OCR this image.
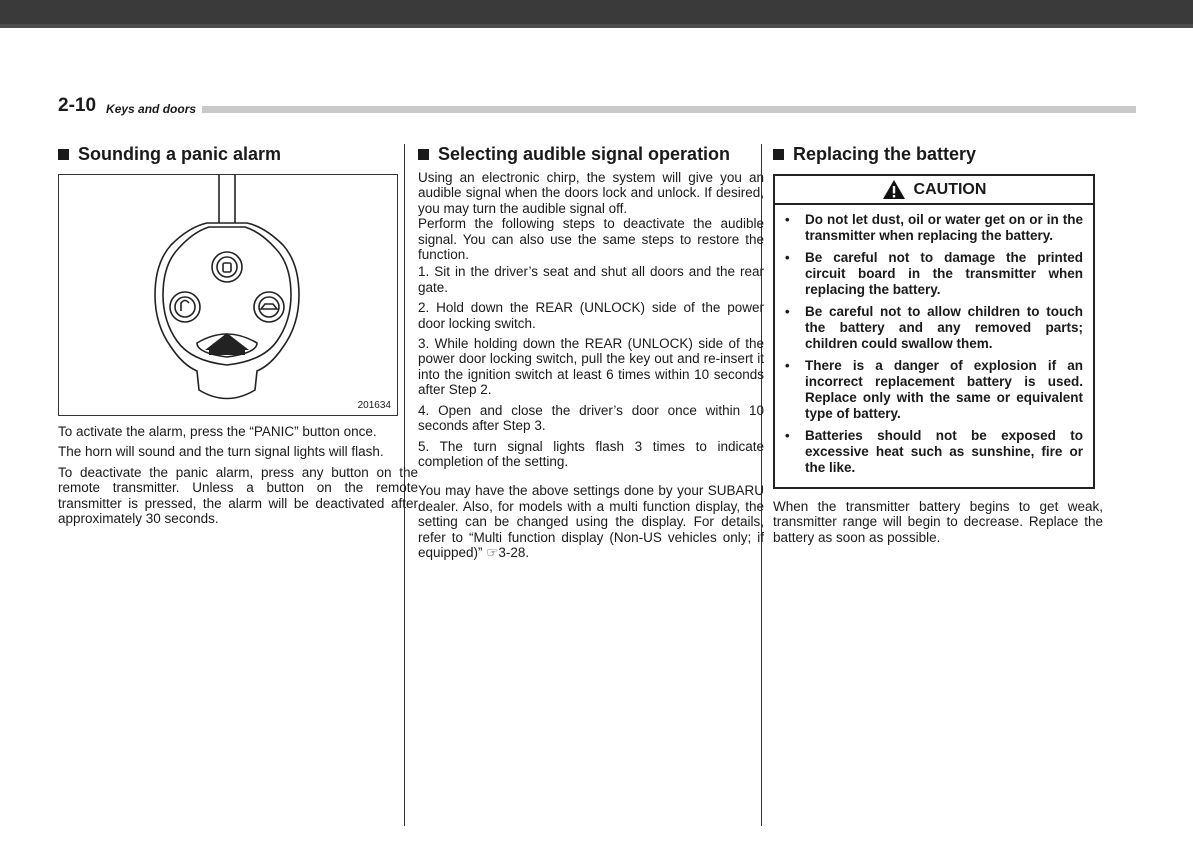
2-10 Keys and doors
Sounding a panic alarm
201634

To activate the alarm, press the “PANIC” button once.

The horn will sound and the turn signal lights will flash.

To deactivate the panic alarm, press any button on the remote transmitter. Unless a button on the remote transmitter is pressed, the alarm will be deactivated after approximately 30 seconds.

Selecting audible signal operation

Using an electronic chirp, the system will give you an audible signal when the doors lock and unlock. If desired, you may turn the audible signal off.

Perform the following steps to deactivate the audible signal. You can also use the same steps to restore the function.

1. Sit in the driver’s seat and shut all doors and the rear gate.

2. Hold down the REAR (UNLOCK) side of the power door locking switch.

3. While holding down the REAR (UNLOCK) side of the power door locking switch, pull the key out and re-insert it into the ignition switch at least 6 times within 10 seconds after Step 2.

4. Open and close the driver’s door once within 10 seconds after Step 3.

5. The turn signal lights flash 3 times to indicate completion of the setting.

You may have the above settings done by your SUBARU dealer. Also, for models with a multi function display, the setting can be changed using the display. For details, refer to “Multi function display (Non-US vehicles only; if equipped)” ☞3-28.

Replacing the battery
CAUTION
•	Do not let dust, oil or water get on or in the transmitter when replacing the battery.
•	Be careful not to damage the printed circuit board in the transmitter when replacing the battery.
•	Be careful not to allow children to touch the battery and any removed parts; children could swallow them.
•	There is a danger of explosion if an incorrect replacement battery is used. Replace only with the same or equivalent type of battery.
•	Batteries should not be exposed to excessive heat such as sunshine, fire or the like.

When the transmitter battery begins to get weak, transmitter range will begin to decrease. Replace the battery as soon as possible.
